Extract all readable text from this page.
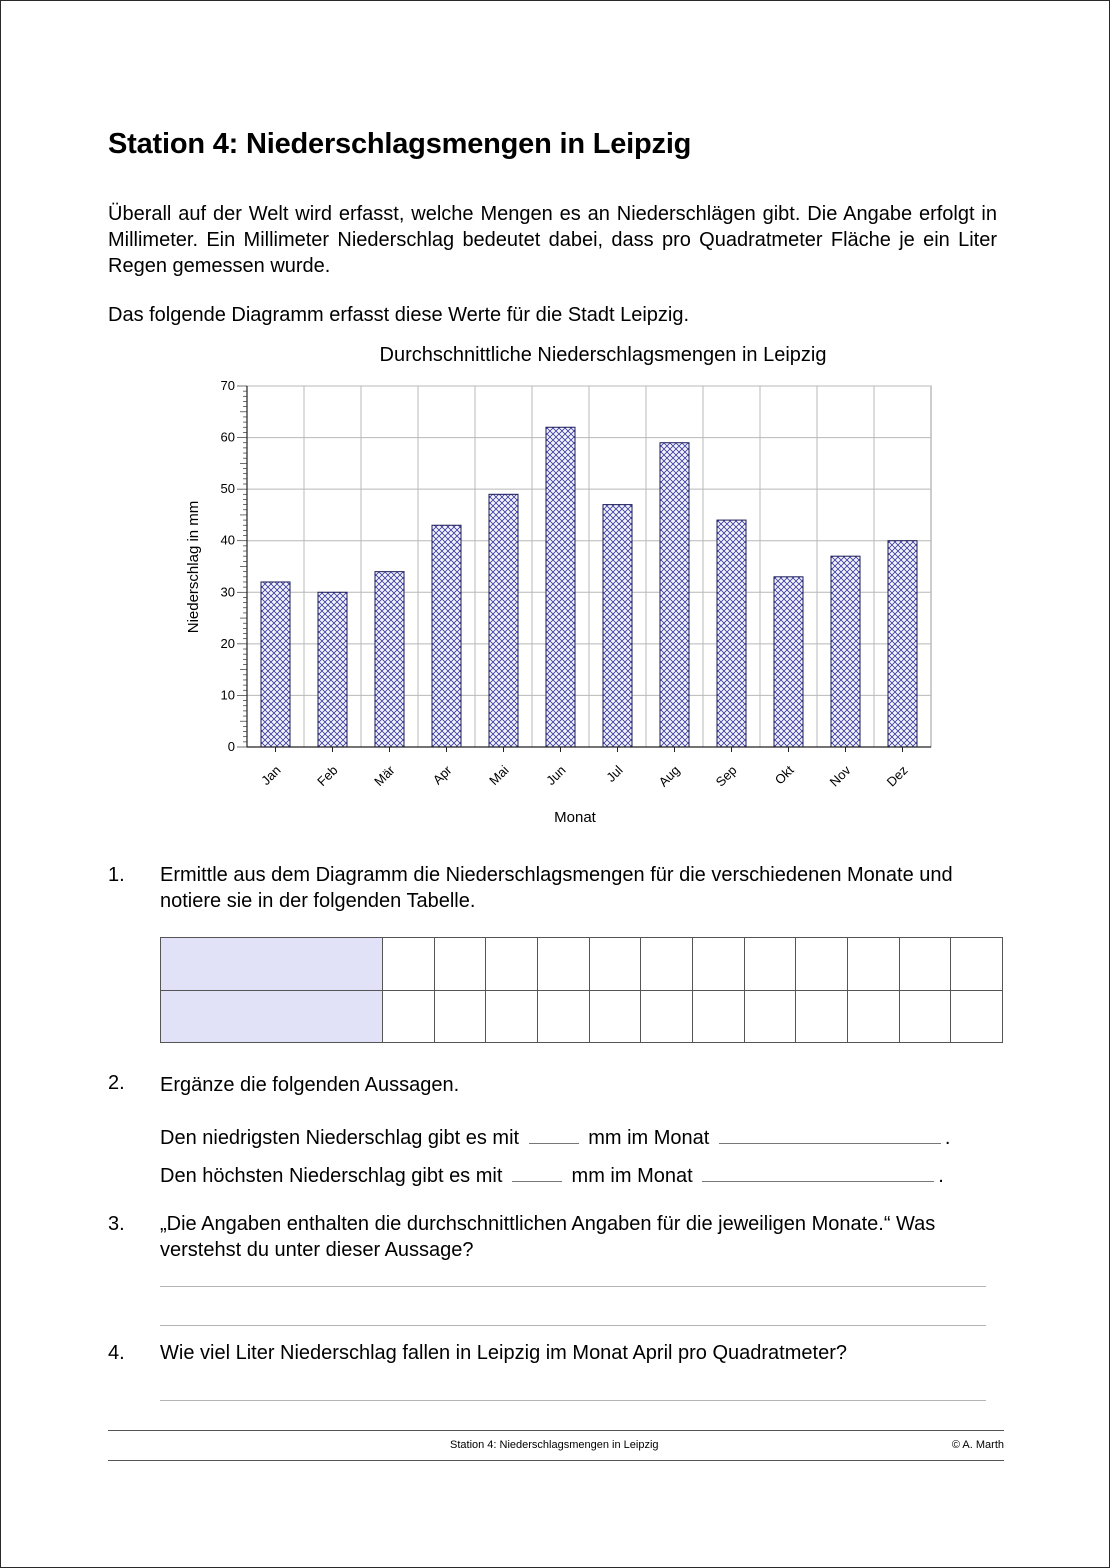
Station 4: Niederschlagsmengen in Leipzig
Überall auf der Welt wird erfasst, welche Mengen es an Niederschlägen gibt. Die Angabe erfolgt in Millimeter. Ein Millimeter Niederschlag bedeutet dabei, dass pro Quadratmeter Fläche je ein Liter Regen gemessen wurde.
Das folgende Diagramm erfasst diese Werte für die Stadt Leipzig.
Durchschnittliche Niederschlagsmengen in Leipzig
0
10
20
30
40
50
60
70
Jan Feb Mär Apr Mai Jun	Jul Aug Sep Okt Nov Dez
Niederschlag in mm
Monat
1. Ermittle aus dem Diagramm die Niederschlagsmengen für die verschiedenen Monate und notiere sie in der folgenden Tabelle.

2. Ergänze die folgenden Aussagen.
Den niedrigsten Niederschlag gibt es mit	mm im Monat	.
Den höchsten Niederschlag gibt es mit	mm im Monat	.
3. „Die Angaben enthalten die durchschnittlichen Angaben für die jeweiligen Monate.“ Was verstehst du unter dieser Aussage?
4. Wie viel Liter Niederschlag fallen in Leipzig im Monat April pro Quadratmeter?
Station 4: Niederschlagsmengen in Leipzig	© A. Marth
